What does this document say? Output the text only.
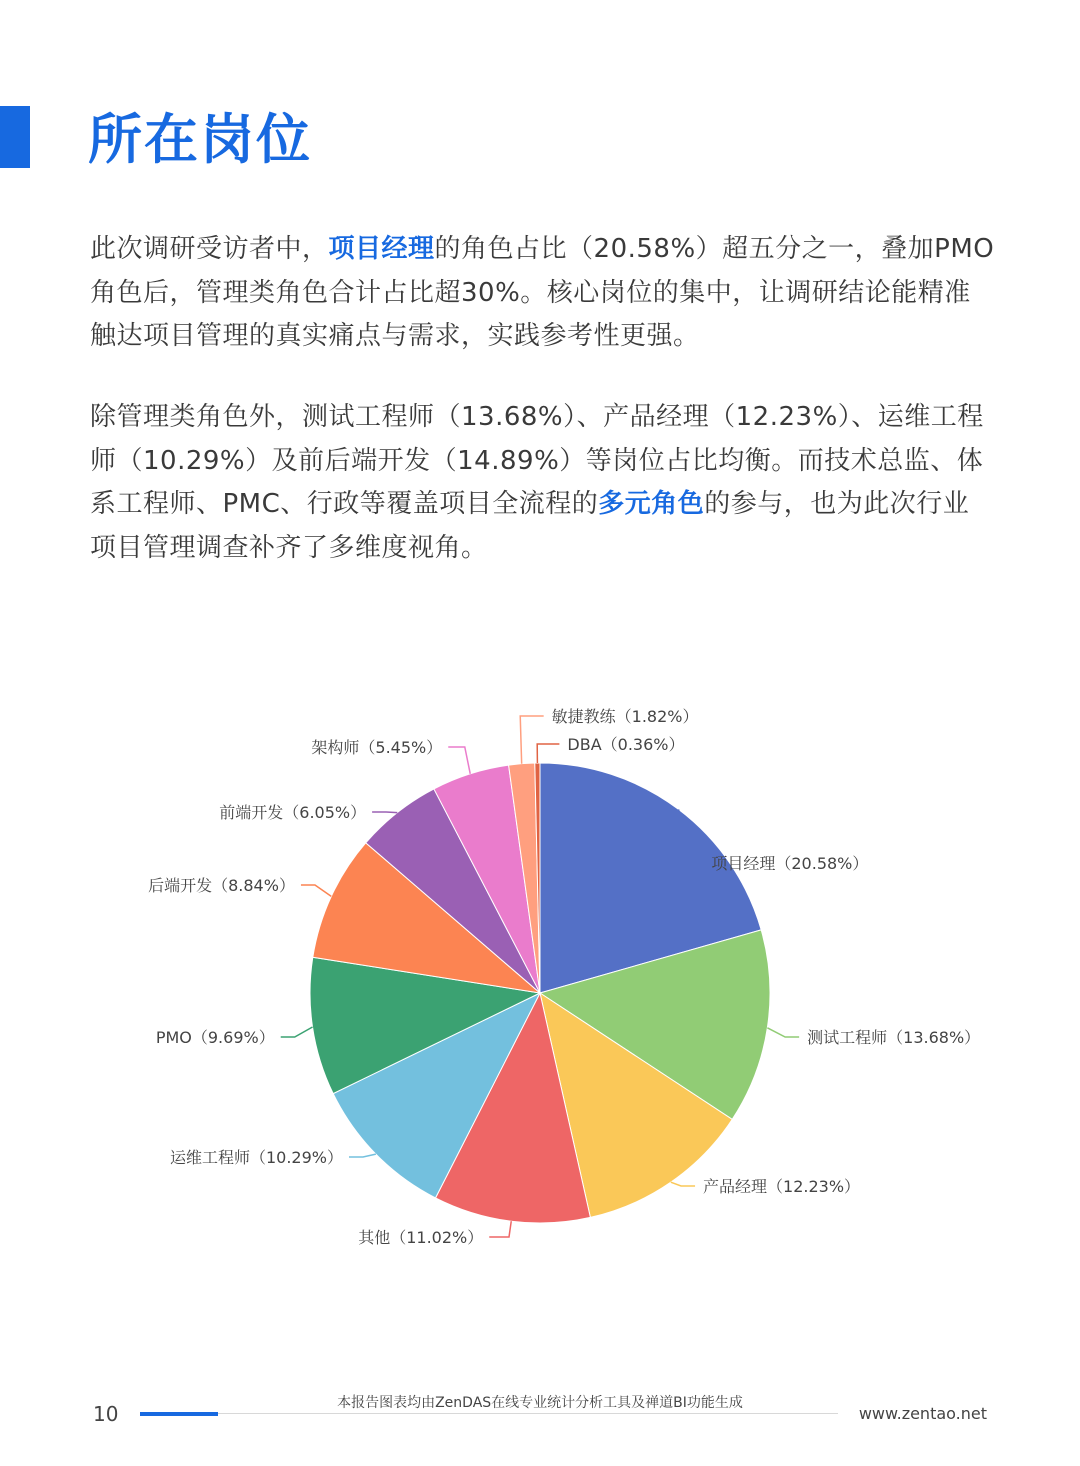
所在岗位

此次调研受访者中，项目经理的角色占比（20.58%）超五分之一，叠加PMO角色后，管理类角色合计占比超30%。核心岗位的集中，让调研结论能精准触达项目管理的真实痛点与需求，实践参考性更强。

除管理类角色外，测试工程师（13.68%）、产品经理（12.23%）、运维工程师（10.29%）及前后端开发（14.89%）等岗位占比均衡。而技术总监、体系工程师、PMC、行政等覆盖项目全流程的多元角色的参与，也为此次行业项目管理调查补齐了多维度视角。

项目经理（20.58%）
测试工程师（13.68%）
产品经理（12.23%）
其他（11.02%）
运维工程师（10.29%）
PMO（9.69%）
后端开发（8.84%）
前端开发（6.05%）
架构师（5.45%）
敏捷教练（1.82%）
DBA（0.36%）
10	本报告图表均由ZenDAS在线专业统计分析工具及禅道BI功能生成
www.zentao.net
